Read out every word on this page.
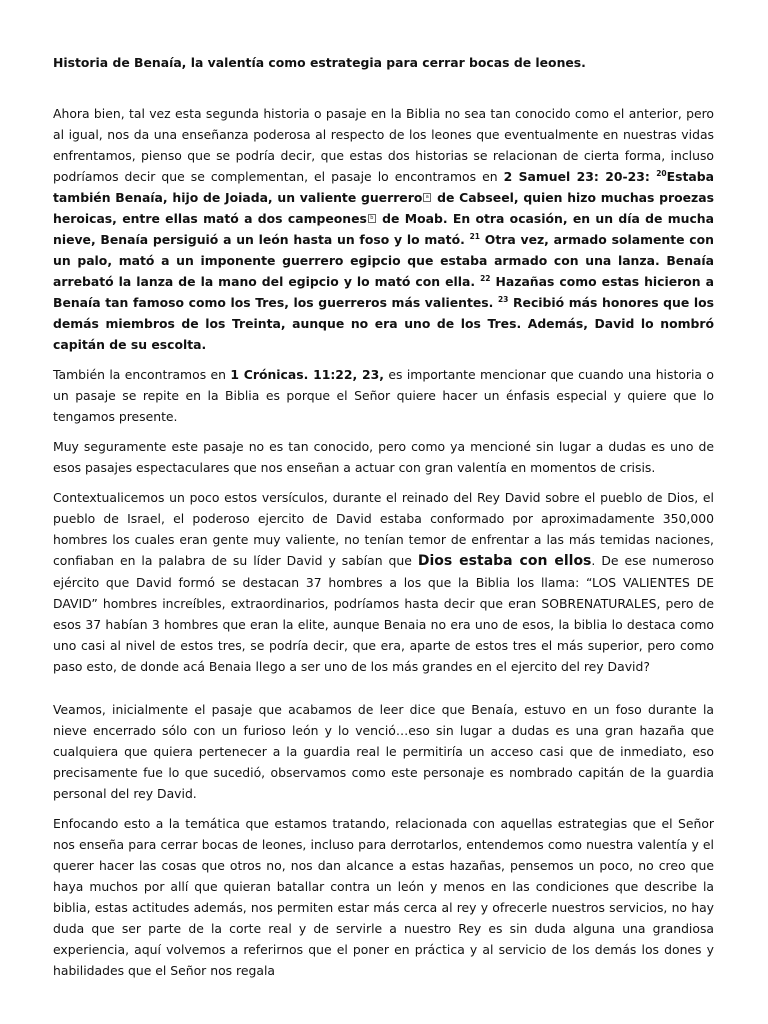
Historia de Benaía, la valentía como estrategia para cerrar bocas de leones.

Ahora bien, tal vez esta segunda historia o pasaje en la Biblia no sea tan conocido como el anterior, pero al igual, nos da una enseñanza poderosa al respecto de los leones que eventualmente en nuestras vidas enfrentamos, pienso que se podría decir, que estas dos historias se relacionan de cierta forma, incluso podríamos decir que se complementan, el pasaje lo encontramos en 2 Samuel 23: 20-23: $^{20}$Estaba también Benaía, hijo de Joiada, un valiente guerrero a de Cabseel, quien hizo muchas proezas heroicas, entre ellas mató a dos campeones b de Moab. En otra ocasión, en un día de mucha nieve, Benaía persiguió a un león hasta un foso y lo mató. $^{21}$ Otra vez, armado solamente con un palo, mató a un imponente guerrero egipcio que estaba armado con una lanza. Benaía arrebató la lanza de la mano del egipcio y lo mató con ella. $^{22}$ Hazañas como estas hicieron a Benaía tan famoso como los Tres, los guerreros más valientes. $^{23}$ Recibió más honores que los demás miembros de los Treinta, aunque no era uno de los Tres. Además, David lo nombró capitán de su escolta.

También la encontramos en 1 Crónicas. 11:22, 23, es importante mencionar que cuando una historia o un pasaje se repite en la Biblia es porque el Señor quiere hacer un énfasis especial y quiere que lo tengamos presente.

Muy seguramente este pasaje no es tan conocido, pero como ya mencioné sin lugar a dudas es uno de esos pasajes espectaculares que nos enseñan a actuar con gran valentía en momentos de crisis.

Contextualicemos un poco estos versículos, durante el reinado del Rey David sobre el pueblo de Dios, el pueblo de Israel, el poderoso ejercito de David estaba conformado por aproximadamente 350,000 hombres los cuales eran gente muy valiente, no tenían temor de enfrentar a las más temidas naciones, confiaban en la palabra de su líder David y sabían que Dios estaba con ellos. De ese numeroso ejército que David formó se destacan 37 hombres a los que la Biblia los llama: “LOS VALIENTES DE DAVID” hombres increíbles, extraordinarios, podríamos hasta decir que eran SOBRENATURALES, pero de esos 37 habían 3 hombres que eran la elite, aunque Benaia no era uno de esos, la biblia lo destaca como uno casi al nivel de estos tres, se podría decir, que era, aparte de estos tres el más superior, pero como paso esto, de donde acá Benaia llego a ser uno de los más grandes en el ejercito del rey David?

Veamos, inicialmente el pasaje que acabamos de leer dice que Benaía, estuvo en un foso durante la nieve encerrado sólo con un furioso león y lo venció…eso sin lugar a dudas es una gran hazaña que cualquiera que quiera pertenecer a la guardia real le permitiría un acceso casi que de inmediato, eso precisamente fue lo que sucedió, observamos como este personaje es nombrado capitán de la guardia personal del rey David.

Enfocando esto a la temática que estamos tratando, relacionada con aquellas estrategias que el Señor nos enseña para cerrar bocas de leones, incluso para derrotarlos, entendemos como nuestra valentía y el querer hacer las cosas que otros no, nos dan alcance a estas hazañas, pensemos un poco, no creo que haya muchos por allí que quieran batallar contra un león y menos en las condiciones que describe la biblia, estas actitudes además, nos permiten estar más cerca al rey y ofrecerle nuestros servicios, no hay duda que ser parte de la corte real y de servirle a nuestro Rey es sin duda alguna una grandiosa experiencia, aquí volvemos a referirnos que el poner en práctica y al servicio de los demás los dones y habilidades que el Señor nos regala
